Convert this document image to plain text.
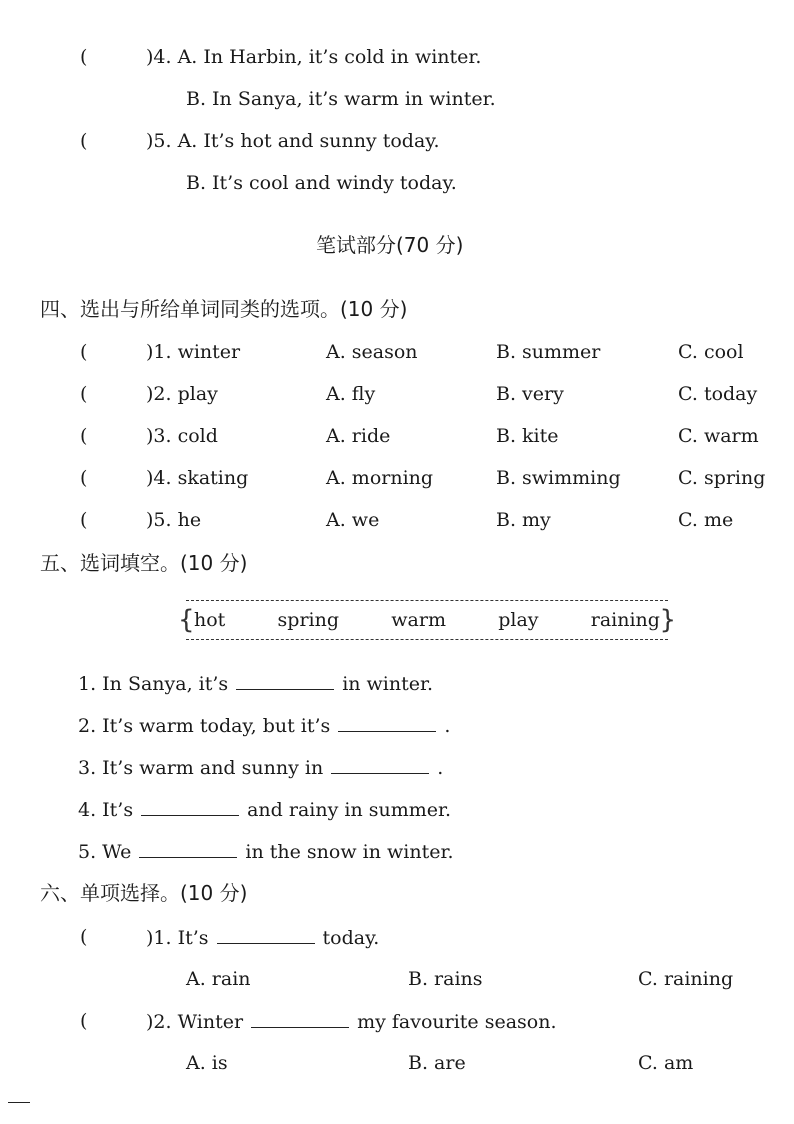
(	)4. A. In Harbin, it’s cold in winter.
B. In Sanya, it’s warm in winter.
(	)5. A. It’s hot and sunny today.
B. It’s cool and windy today.
笔试部分(70 分)
四、选出与所给单词同类的选项。(10 分)
(	)1. winter	A. season	B. summer	C. cool
(	)2. play	A. fly	B. very	C. today
(	)3. cold	A. ride	B. kite	C. warm
(	)4. skating	A. morning	B. swimming	C. spring
(	)5. he	A. we	B. my	C. me
五、选词填空。(10 分)
{ hot	spring	warm	play	raining }
1. In Sanya, it’s	in winter.
2. It’s warm today, but it’s	.
3. It’s warm and sunny in	.
4. It’s	and rainy in summer.
5. We	in the snow in winter.
六、单项选择。(10 分)
(	)1. It’s	today.
A. rain	B. rains	C. raining
(	)2. Winter	my favourite season.
A. is	B. are	C. am
